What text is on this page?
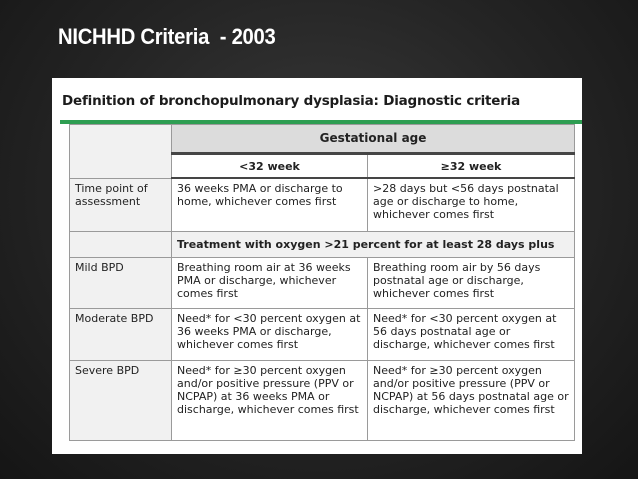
NICHHD Criteria  - 2003
Definition of bronchopulmonary dysplasia: Diagnostic criteria
	Gestational age	
	<32 week	≥32 week
Time point of assessment	36 weeks PMA or discharge to home, whichever comes first	>28 days but <56 days postnatal age or discharge to home, whichever comes first
	Treatment with oxygen >21 percent for at least 28 days plus	
Mild BPD	Breathing room air at 36 weeks PMA or discharge, whichever comes first	Breathing room air by 56 days postnatal age or discharge, whichever comes first
Moderate BPD	Need* for <30 percent oxygen at 36 weeks PMA or discharge, whichever comes first	Need* for <30 percent oxygen at 56 days postnatal age or discharge, whichever comes first
Severe BPD	Need* for ≥30 percent oxygen and/or positive pressure (PPV or NCPAP) at 36 weeks PMA or discharge, whichever comes first	Need* for ≥30 percent oxygen and/or positive pressure (PPV or NCPAP) at 56 days postnatal age or discharge, whichever comes first
